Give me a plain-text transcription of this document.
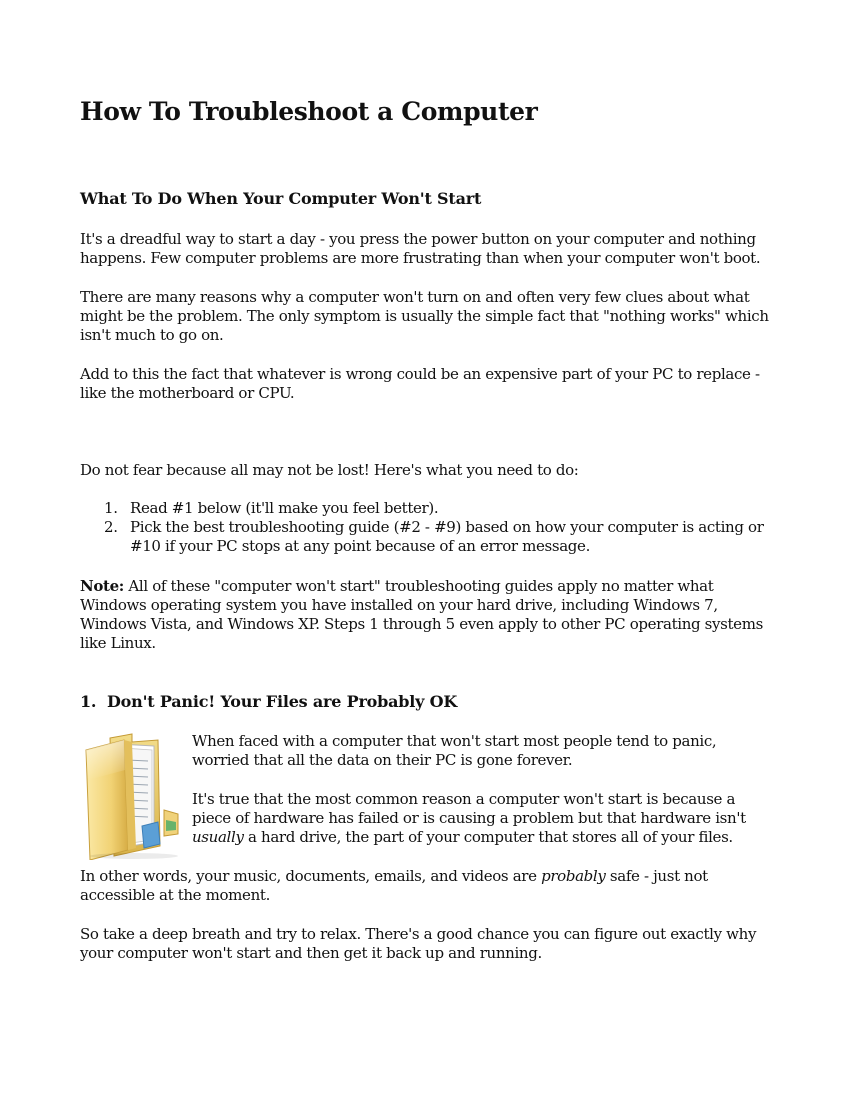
How To Troubleshoot a Computer
What To Do When Your Computer Won't Start

It's a dreadful way to start a day - you press the power button on your computer and nothing happens. Few computer problems are more frustrating than when your computer won't boot.

There are many reasons why a computer won't turn on and often very few clues about what might be the problem. The only symptom is usually the simple fact that "nothing works" which isn't much to go on.

Add to this the fact that whatever is wrong could be an expensive part of your PC to replace - like the motherboard or CPU.

Do not fear because all may not be lost! Here's what you need to do:

1. Read #1 below (it'll make you feel better).
2. Pick the best troubleshooting guide (#2 - #9) based on how your computer is acting or #10 if your PC stops at any point because of an error message.

Note: All of these "computer won't start" troubleshooting guides apply no matter what Windows operating system you have installed on your hard drive, including Windows 7, Windows Vista, and Windows XP. Steps 1 through 5 even apply to other PC operating systems like Linux.

1. Don't Panic! Your Files are Probably OK

When faced with a computer that won't start most people tend to panic, worried that all the data on their PC is gone forever.

It's true that the most common reason a computer won't start is because a piece of hardware has failed or is causing a problem but that hardware isn't usually a hard drive, the part of your computer that stores all of your files.

In other words, your music, documents, emails, and videos are probably safe - just not accessible at the moment.

So take a deep breath and try to relax. There's a good chance you can figure out exactly why your computer won't start and then get it back up and running.
